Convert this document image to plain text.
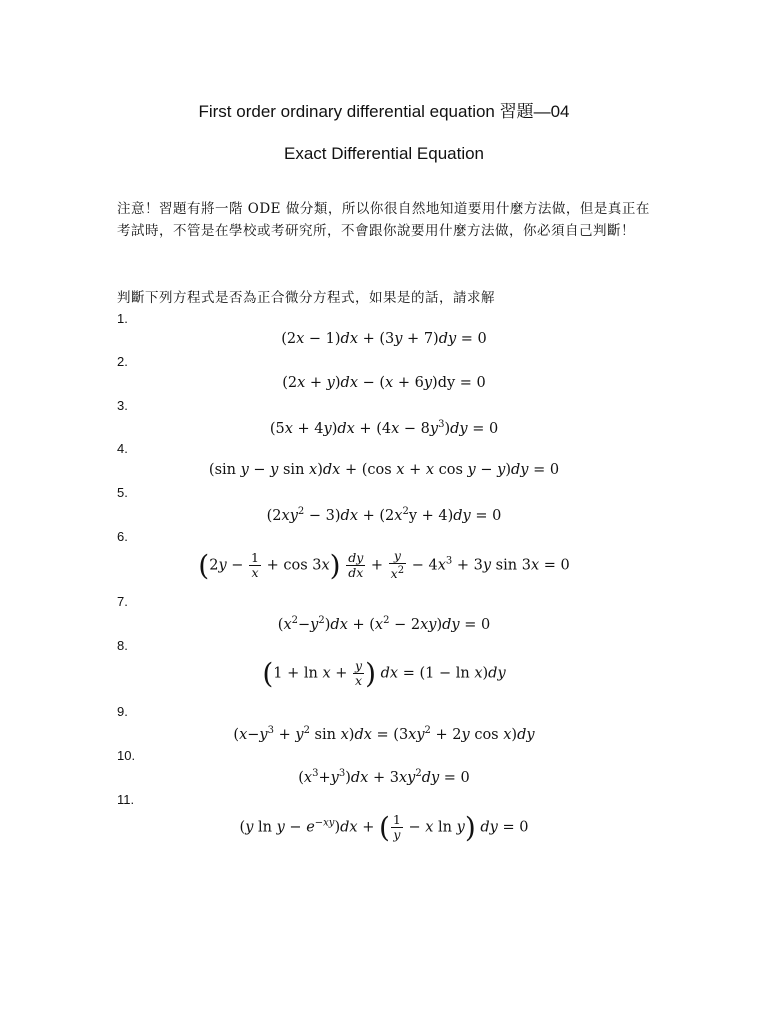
First order ordinary differential equation 習題—04
Exact Differential Equation
注意！習題有將一階 ODE 做分類，所以你很自然地知道要用什麼方法做，但是真正在考試時，不管是在學校或考研究所，不會跟你說要用什麼方法做，你必須自己判斷！
判斷下列方程式是否為正合微分方程式，如果是的話，請求解
1.
(2x − 1)dx + (3y + 7)dy = 0
2.
(2x + y)dx − (x + 6y)dy = 0
3.
$(5x + 4y)dx + (4x - 8y^3)dy = 0$
4.
(sin y − y sin x)dx + (cos x + x cos y − y)dy = 0
5.
$(2xy^2 - 3)dx + (2x^2y + 4)dy = 0$
6.
$(2y - \frac{1}{x} + \cos 3x) \frac{dy}{dx} + \frac{y}{x^2} - 4x^3 + 3y$ sin 3x = 0
7.
$(x^2-y^2)dx + (x^2 - 2xy)dy = 0$
8.
($1 + \ln x + \frac{y}{x}$ ) dx = (1 − ln x)dy
9.
($x-y^3 + y^2$ $\sin x)dx = (3xy^2 + 2y$ cos x)dy
10.
$(x^3+y^3)dx + 3xy^2dy = 0$
11.
(y $\ln y - e^{-xy})dx$ + ( $\frac{1}{y} - x$ ln y) dy = 0
